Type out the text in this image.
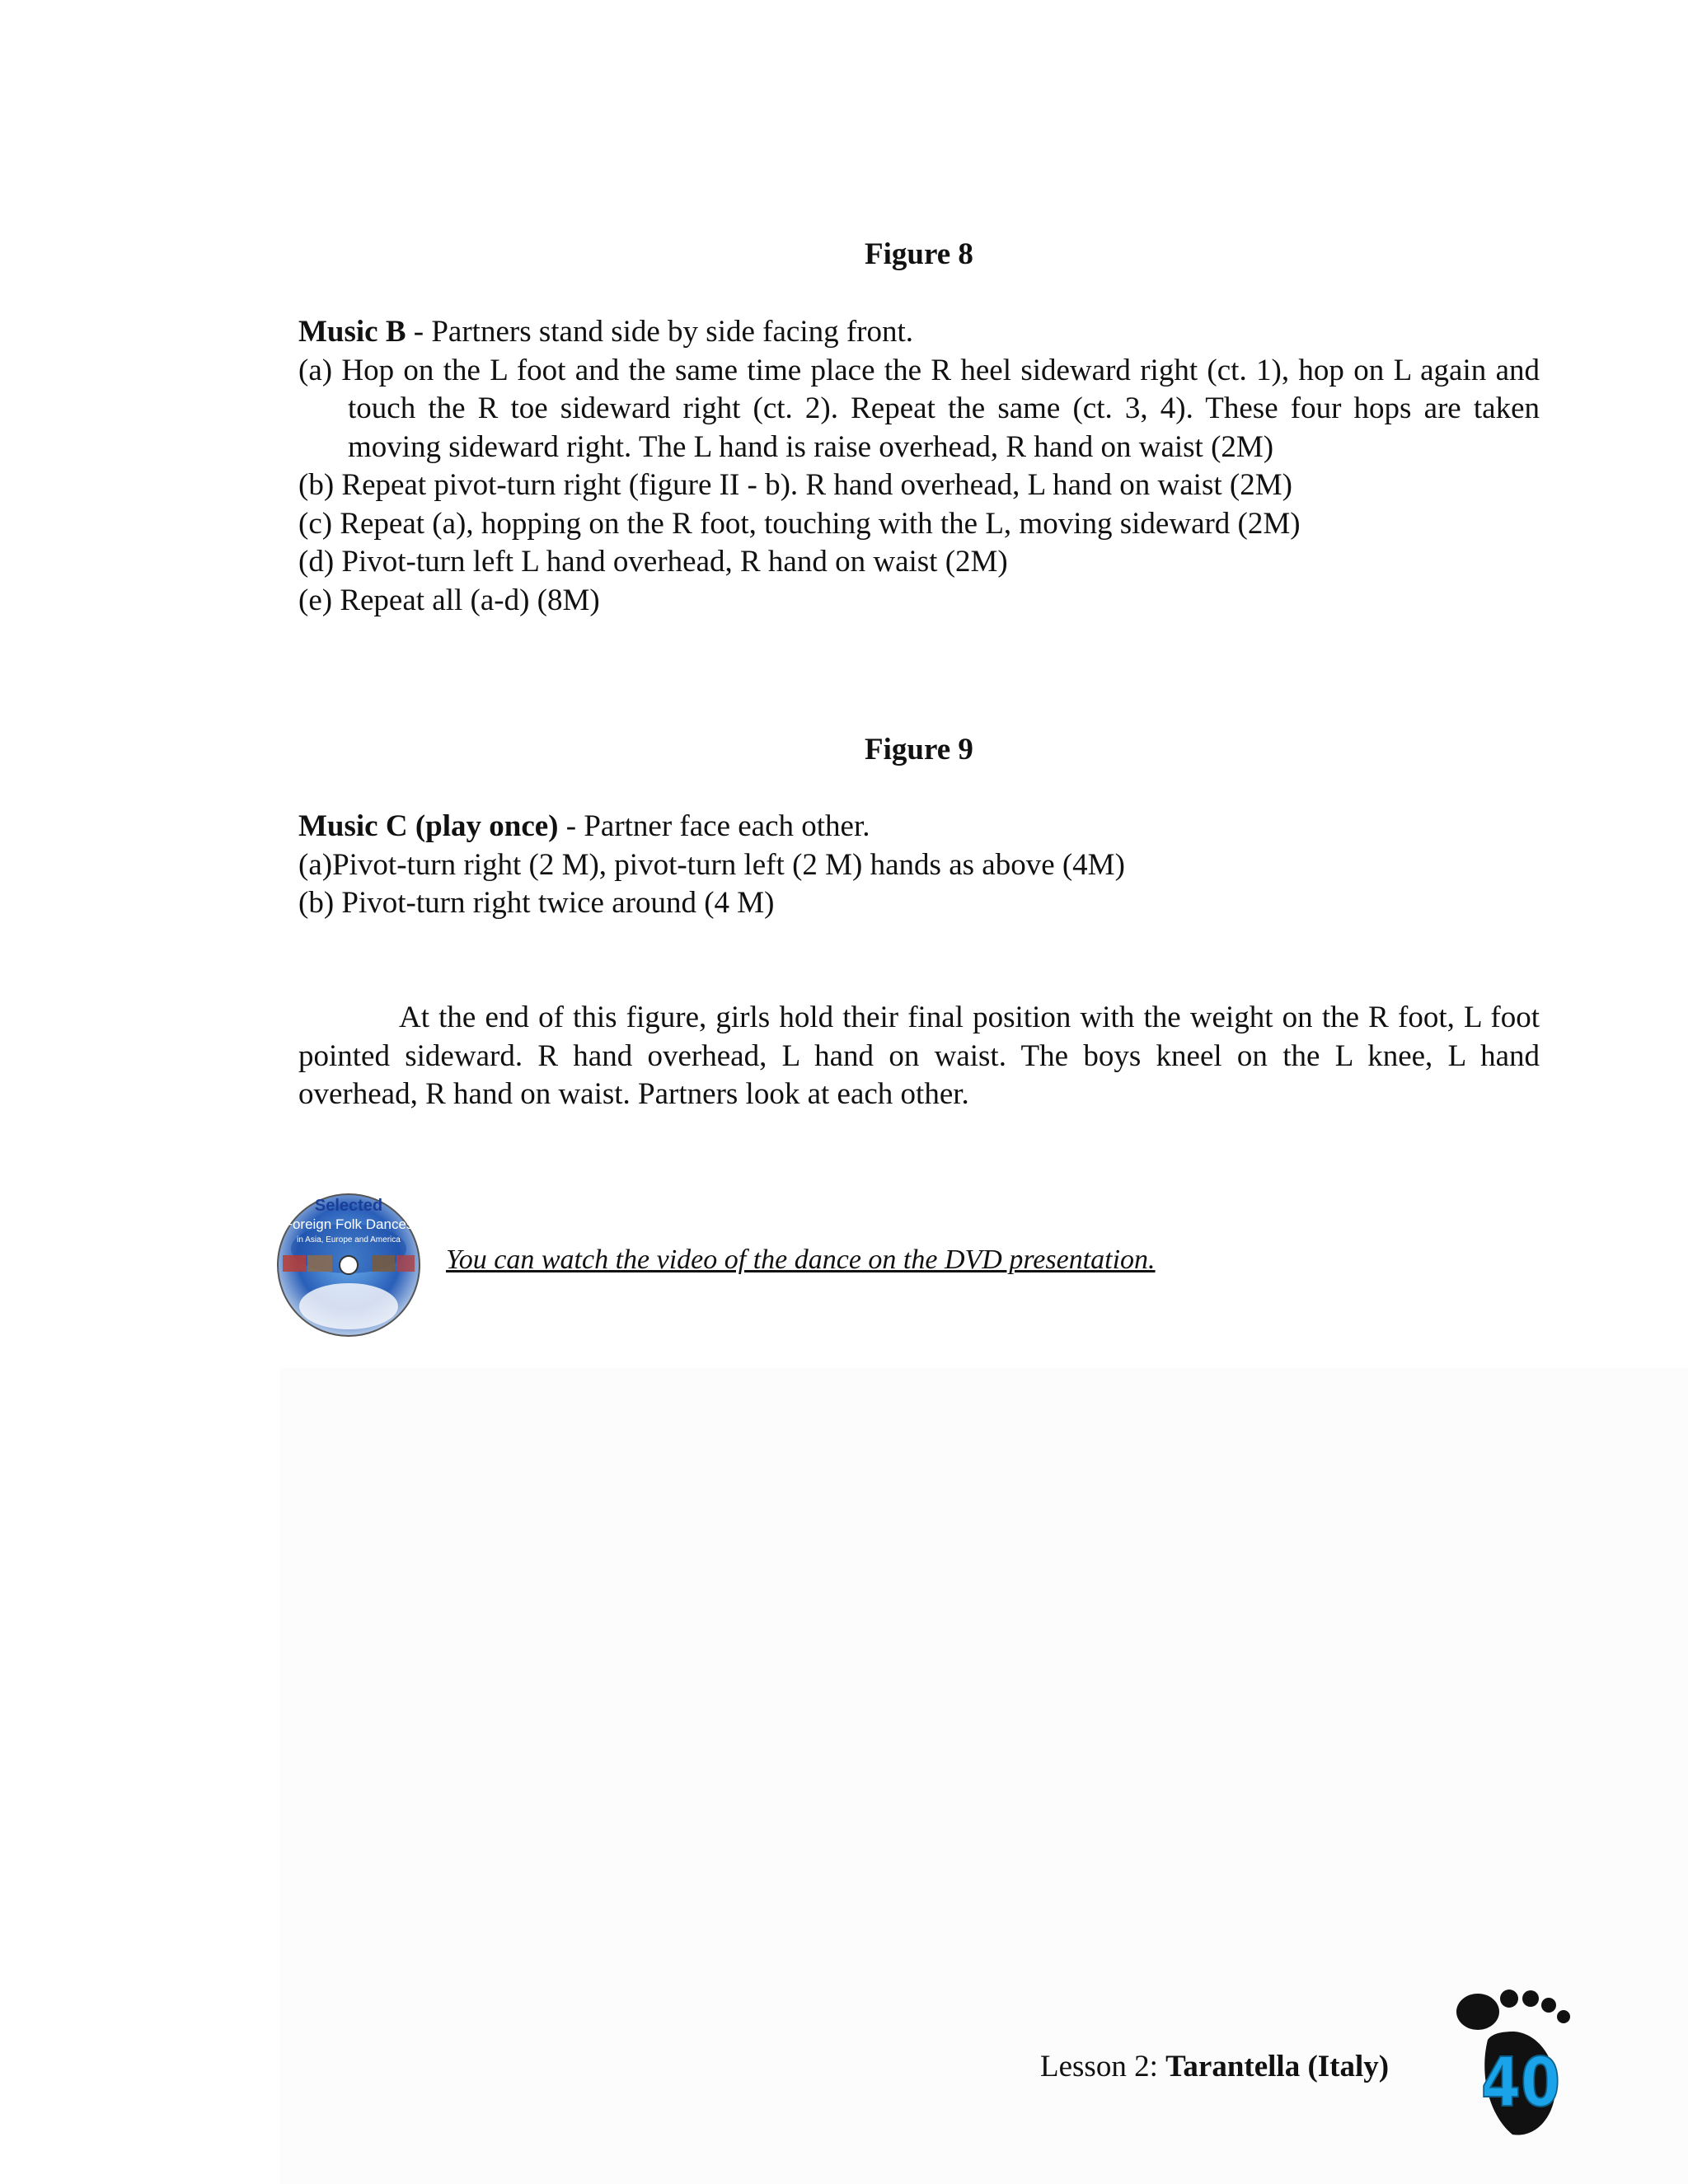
Figure 8
Music B - Partners stand side by side facing front.
(a) Hop on the L foot and the same time place the R heel sideward right (ct. 1), hop on L again and touch the R toe sideward right (ct. 2). Repeat the same (ct. 3, 4). These four hops are taken moving sideward right. The L hand is raise overhead, R hand on waist (2M)
(b) Repeat pivot-turn right (figure II - b). R hand overhead, L hand on waist (2M)
(c) Repeat (a), hopping on the R foot, touching with the L, moving sideward (2M)
(d) Pivot-turn left L hand overhead, R hand on waist (2M)
(e) Repeat all (a-d) (8M)
Figure 9
Music C (play once) - Partner face each other.
(a)Pivot-turn right (2 M), pivot-turn left (2 M) hands as above (4M)
(b) Pivot-turn right twice around (4 M)
At the end of this figure, girls hold their final position with the weight on the R foot, L foot pointed sideward. R hand overhead, L hand on waist. The boys kneel on the L knee, L hand overhead, R hand on waist. Partners look at each other.
Selected
Foreign Folk Dances
in Asia, Europe and America
You can watch the video of the dance on the DVD presentation.
Lesson 2: Tarantella (Italy) 40
